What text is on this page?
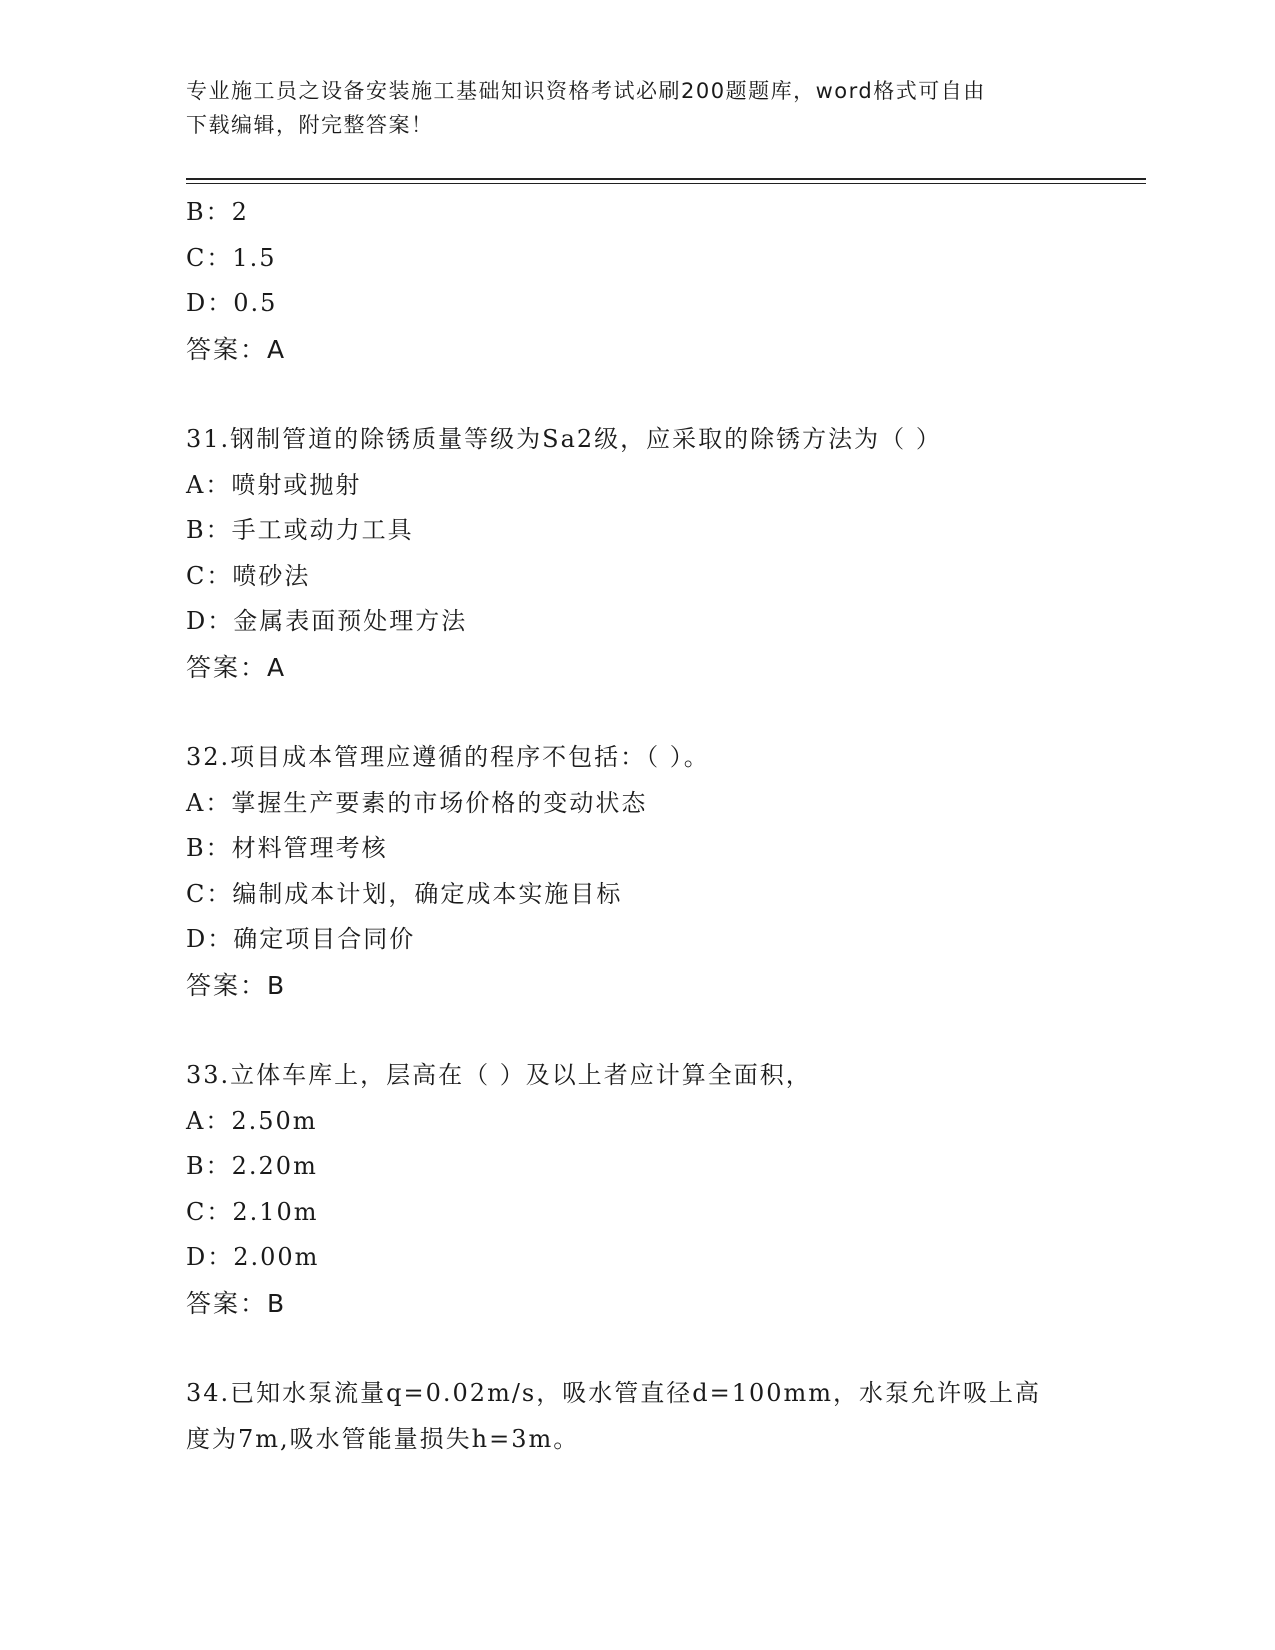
专业施工员之设备安装施工基础知识资格考试必刷200题题库，word格式可自由
下载编辑，附完整答案！
B：2
C：1.5
D：0.5
答案：A
31.钢制管道的除锈质量等级为Sa2级，应采取的除锈方法为（ ）
A：喷射或抛射
B：手工或动力工具
C：喷砂法
D：金属表面预处理方法
答案：A
32.项目成本管理应遵循的程序不包括：（ ）。
A：掌握生产要素的市场价格的变动状态
B：材料管理考核
C：编制成本计划，确定成本实施目标
D：确定项目合同价
答案：B
33.立体车库上，层高在（ ）及以上者应计算全面积，
A：2.50m
B：2.20m
C：2.10m
D：2.00m
答案：B
34.已知水泵流量q=0.02m/s，吸水管直径d=100mm，水泵允许吸上高
度为7m,吸水管能量损失h=3m。
